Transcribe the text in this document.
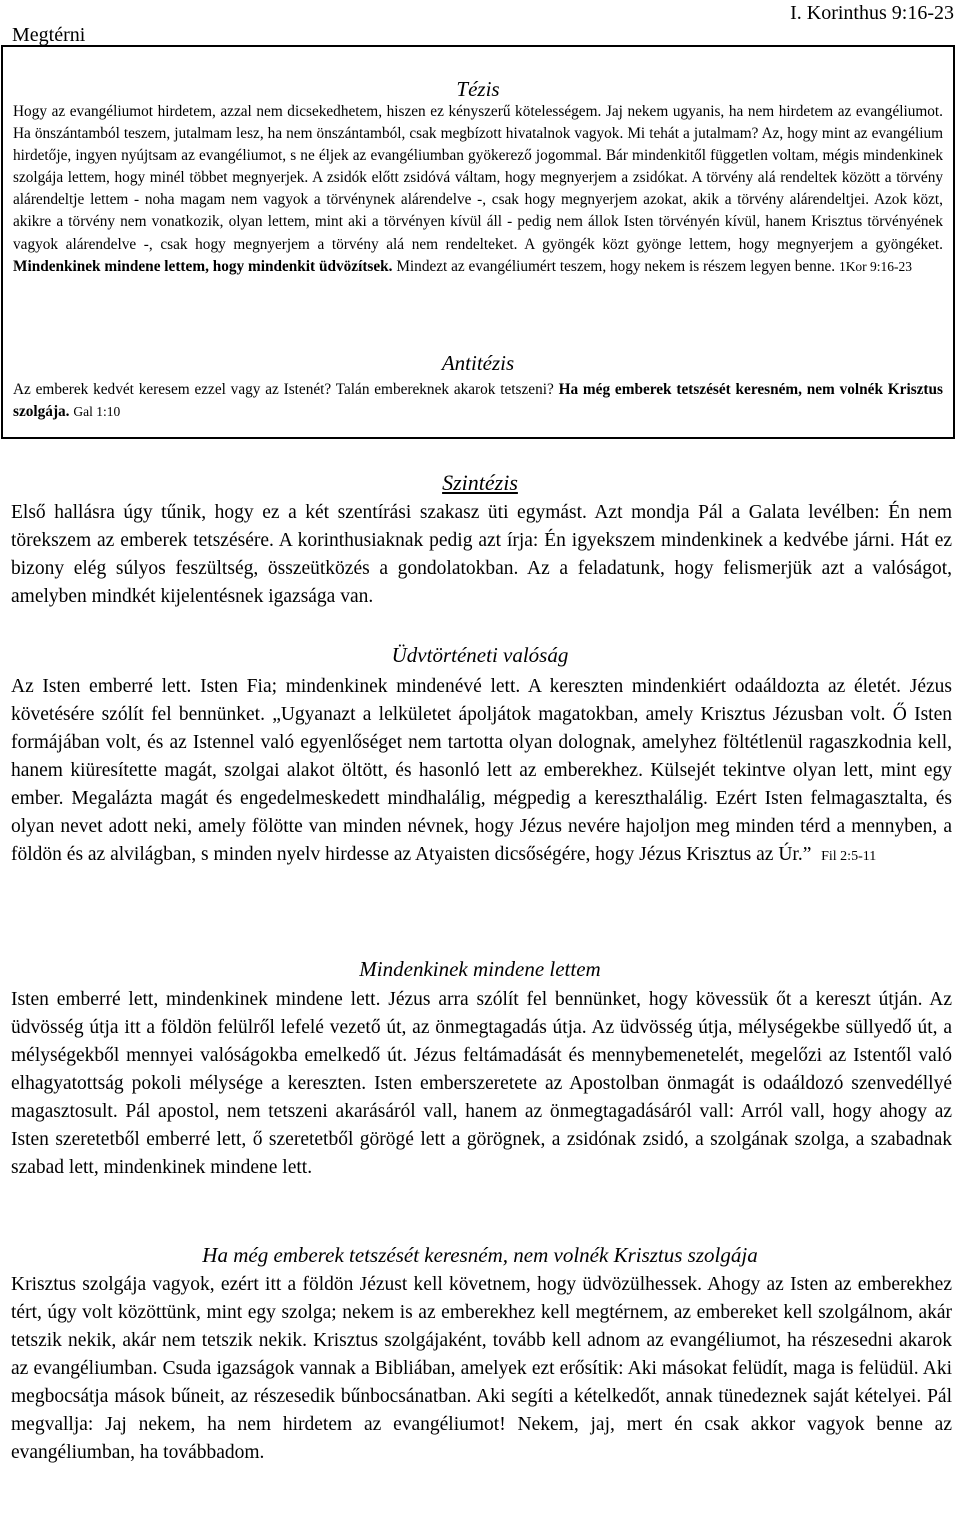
Megtérni
I. Korinthus 9:16-23
Tézis
Hogy az evangéliumot hirdetem, azzal nem dicsekedhetem, hiszen ez kényszerű kötelességem. Jaj nekem ugyanis, ha nem hirdetem az evangéliumot. Ha önszántamból teszem, jutalmam lesz, ha nem önszántamból, csak megbízott hivatalnok vagyok. Mi tehát a jutalmam? Az, hogy mint az evangélium hirdetője, ingyen nyújtsam az evangéliumot, s ne éljek az evangéliumban gyökerező jogommal. Bár mindenkitől független voltam, mégis mindenkinek szolgája lettem, hogy minél többet megnyerjek. A zsidók előtt zsidóvá váltam, hogy megnyerjem a zsidókat. A törvény alá rendeltek között a törvény alárendeltje lettem - noha magam nem vagyok a törvénynek alárendelve -, csak hogy megnyerjem azokat, akik a törvény alárendeltjei. Azok közt, akikre a törvény nem vonatkozik, olyan lettem, mint aki a törvényen kívül áll - pedig nem állok Isten törvényén kívül, hanem Krisztus törvényének vagyok alárendelve -, csak hogy megnyerjem a törvény alá nem rendelteket. A gyöngék közt gyönge lettem, hogy megnyerjem a gyöngéket. Mindenkinek mindene lettem, hogy mindenkit üdvözítsek. Mindezt az evangéliumért teszem, hogy nekem is részem legyen benne. 1Kor 9:16-23
Antitézis
Az emberek kedvét keresem ezzel vagy az Istenét? Talán embereknek akarok tetszeni? Ha még emberek tetszését keresném, nem volnék Krisztus szolgája. Gal 1:10
Szintézis
Első hallásra úgy tűnik, hogy ez a két szentírási szakasz üti egymást. Azt mondja Pál a Galata levélben: Én nem törekszem az emberek tetszésére. A korinthusiaknak pedig azt írja: Én igyekszem mindenkinek a kedvébe járni. Hát ez bizony elég súlyos feszültség, összeütközés a gondolatokban. Az a feladatunk, hogy felismerjük azt a valóságot, amelyben mindkét kijelentésnek igazsága van.
Üdvtörténeti valóság
Az Isten emberré lett. Isten Fia; mindenkinek mindenévé lett. A kereszten mindenkiért odaáldozta az életét. Jézus követésére szólít fel bennünket. „Ugyanazt a lelkületet ápoljátok magatokban, amely Krisztus Jézusban volt. Ő Isten formájában volt, és az Istennel való egyenlőséget nem tartotta olyan dolognak, amelyhez föltétlenül ragaszkodnia kell, hanem kiüresítette magát, szolgai alakot öltött, és hasonló lett az emberekhez. Külsejét tekintve olyan lett, mint egy ember. Megalázta magát és engedelmeskedett mindhalálig, mégpedig a kereszthalálig. Ezért Isten felmagasztalta, és olyan nevet adott neki, amely fölötte van minden névnek, hogy Jézus nevére hajoljon meg minden térd a mennyben, a földön és az alvilágban, s minden nyelv hirdesse az Atyaisten dicsőségére, hogy Jézus Krisztus az Úr.” Fil 2:5-11
Mindenkinek mindene lettem
Isten emberré lett, mindenkinek mindene lett. Jézus arra szólít fel bennünket, hogy kövessük őt a kereszt útján. Az üdvösség útja itt a földön felülről lefelé vezető út, az önmegtagadás útja. Az üdvösség útja, mélységekbe süllyedő út, a mélységekből mennyei valóságokba emelkedő út. Jézus feltámadását és mennybemenetelét, megelőzi az Istentől való elhagyatottság pokoli mélysége a kereszten. Isten emberszeretete az Apostolban önmagát is odaáldozó szenvedéllyé magasztosult. Pál apostol, nem tetszeni akarásáról vall, hanem az önmegtagadásáról vall: Arról vall, hogy ahogy az Isten szeretetből emberré lett, ő szeretetből görögé lett a görögnek, a zsidónak zsidó, a szolgának szolga, a szabadnak szabad lett, mindenkinek mindene lett.
Ha még emberek tetszését keresném, nem volnék Krisztus szolgája
Krisztus szolgája vagyok, ezért itt a földön Jézust kell követnem, hogy üdvözülhessek. Ahogy az Isten az emberekhez tért, úgy volt közöttünk, mint egy szolga; nekem is az emberekhez kell megtérnem, az embereket kell szolgálnom, akár tetszik nekik, akár nem tetszik nekik. Krisztus szolgájaként, tovább kell adnom az evangéliumot, ha részesedni akarok az evangéliumban. Csuda igazságok vannak a Bibliában, amelyek ezt erősítik: Aki másokat felüdít, maga is felüdül. Aki megbocsátja mások bűneit, az részesedik bűnbocsánatban. Aki segíti a kételkedőt, annak tünedeznek saját kételyei. Pál megvallja: Jaj nekem, ha nem hirdetem az evangéliumot! Nekem, jaj, mert én csak akkor vagyok benne az evangéliumban, ha továbbadom.
